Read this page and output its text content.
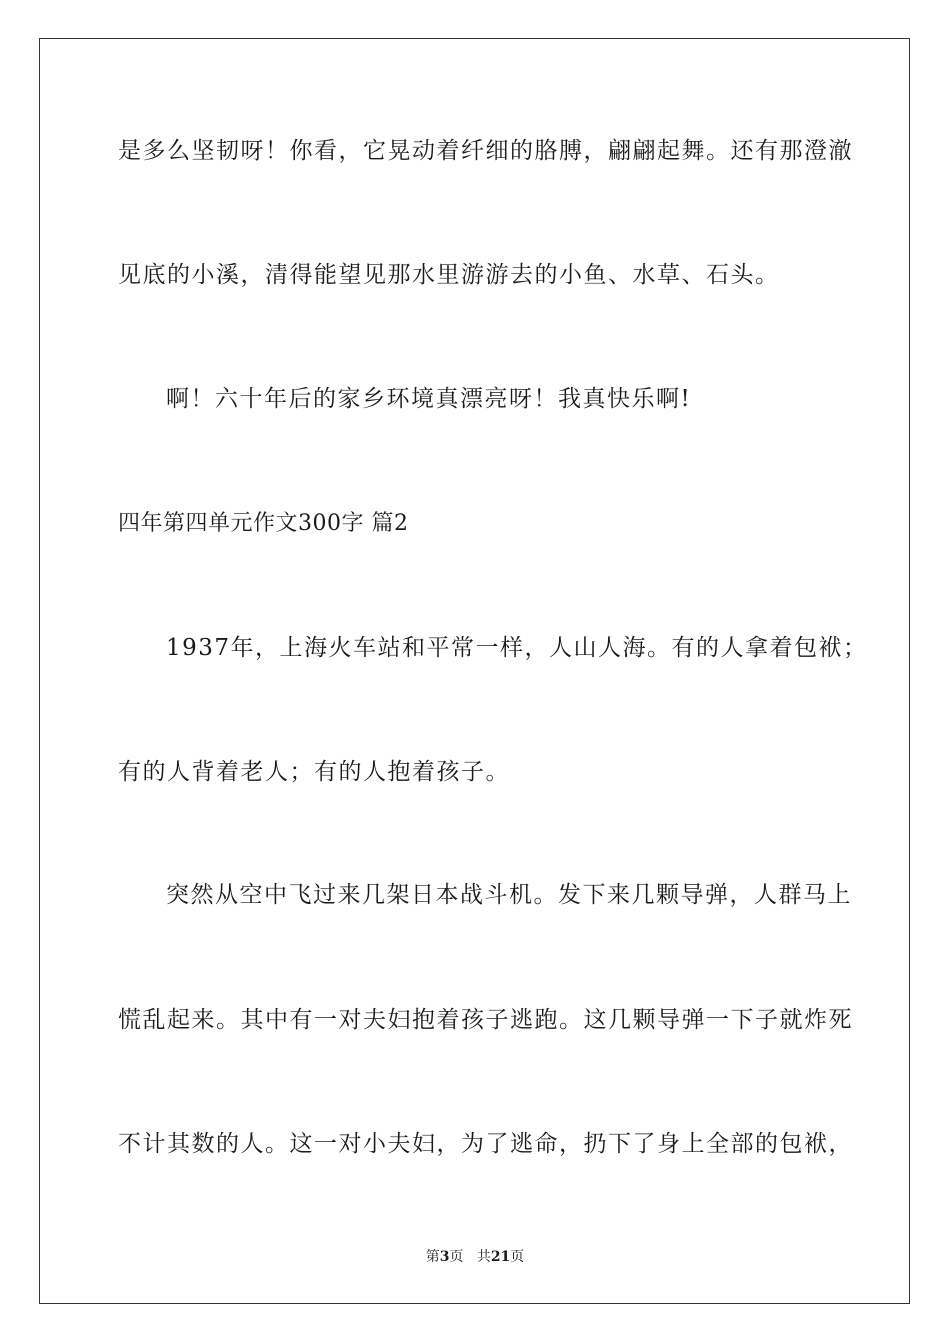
是多么坚韧呀！你看，它晃动着纤细的胳膊，翩翩起舞。还有那澄澈
见底的小溪，清得能望见那水里游游去的小鱼、水草、石头。
啊！六十年后的家乡环境真漂亮呀！我真快乐啊!
四年第四单元作文300字 篇2
1937年，上海火车站和平常一样，人山人海。有的人拿着包袱；
有的人背着老人；有的人抱着孩子。
突然从空中飞过来几架日本战斗机。发下来几颗导弹，人群马上
慌乱起来。其中有一对夫妇抱着孩子逃跑。这几颗导弹一下子就炸死
不计其数的人。这一对小夫妇，为了逃命，扔下了身上全部的包袱，
第3页 共21页
